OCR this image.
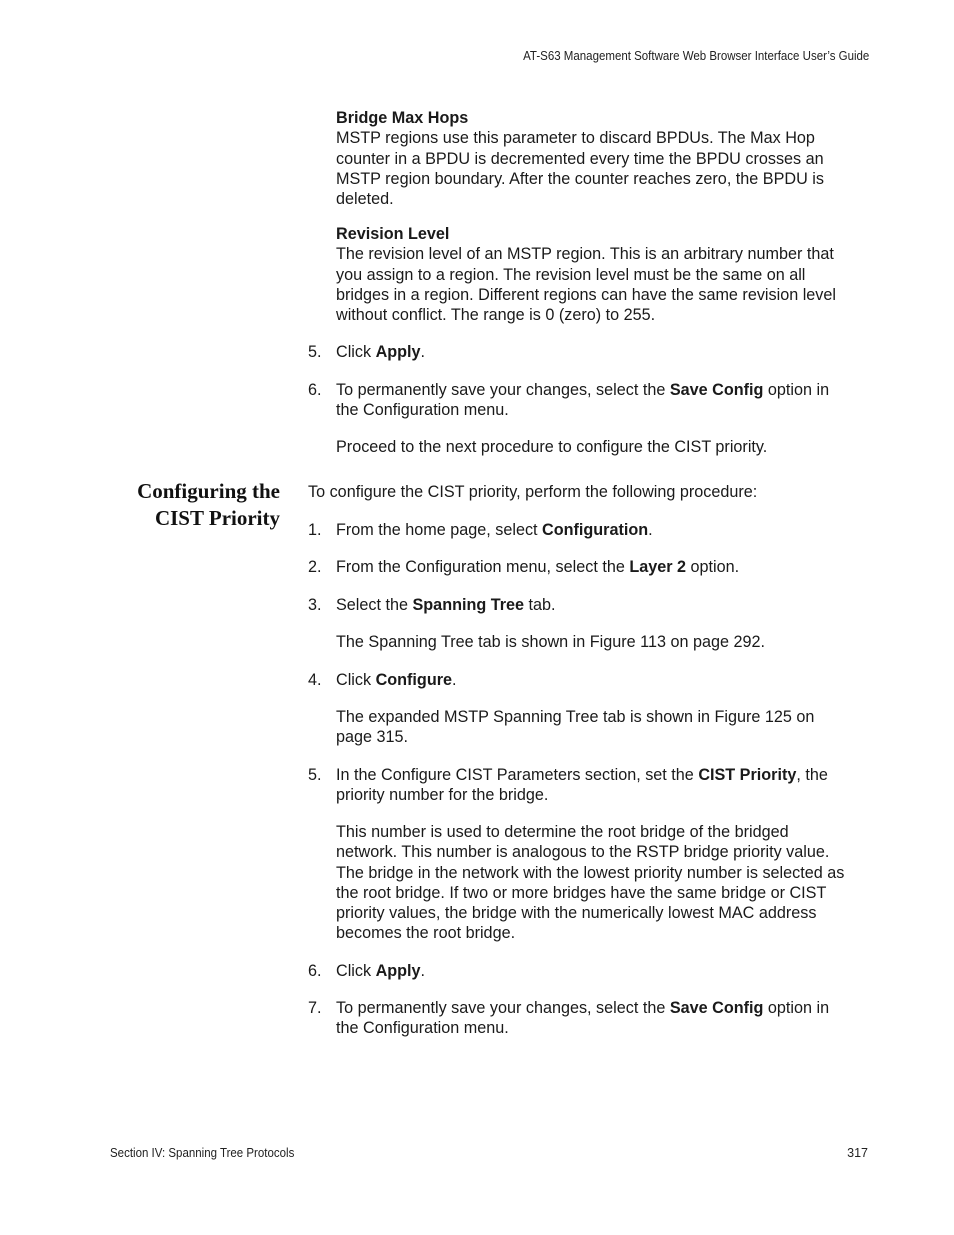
AT-S63 Management Software Web Browser Interface User’s Guide
Configuring the
CIST Priority

Bridge Max Hops

MSTP regions use this parameter to discard BPDUs. The Max Hop

counter in a BPDU is decremented every time the BPDU crosses an

MSTP region boundary. After the counter reaches zero, the BPDU is

deleted.

Revision Level

The revision level of an MSTP region. This is an arbitrary number that

you assign to a region. The revision level must be the same on all

bridges in a region. Different regions can have the same revision level

without conflict. The range is 0 (zero) to 255.

5. Click Apply.

6. To permanently save your changes, select the Save Config option in

the Configuration menu.

Proceed to the next procedure to configure the CIST priority.
To configure the CIST priority, perform the following procedure:
1. From the home page, select Configuration.

2. From the Configuration menu, select the Layer 2 option.

3. Select the Spanning Tree tab.

The Spanning Tree tab is shown in Figure 113 on page 292.
4. Click Configure.

The expanded MSTP Spanning Tree tab is shown in Figure 125 on

page 315.

5. In the Configure CIST Parameters section, set the CIST Priority, the

priority number for the bridge.

This number is used to determine the root bridge of the bridged

network. This number is analogous to the RSTP bridge priority value.

The bridge in the network with the lowest priority number is selected as

the root bridge. If two or more bridges have the same bridge or CIST

priority values, the bridge with the numerically lowest MAC address

becomes the root bridge.

6. Click Apply.

7. To permanently save your changes, select the Save Config option in

the Configuration menu.

Section IV: Spanning Tree Protocols	317
